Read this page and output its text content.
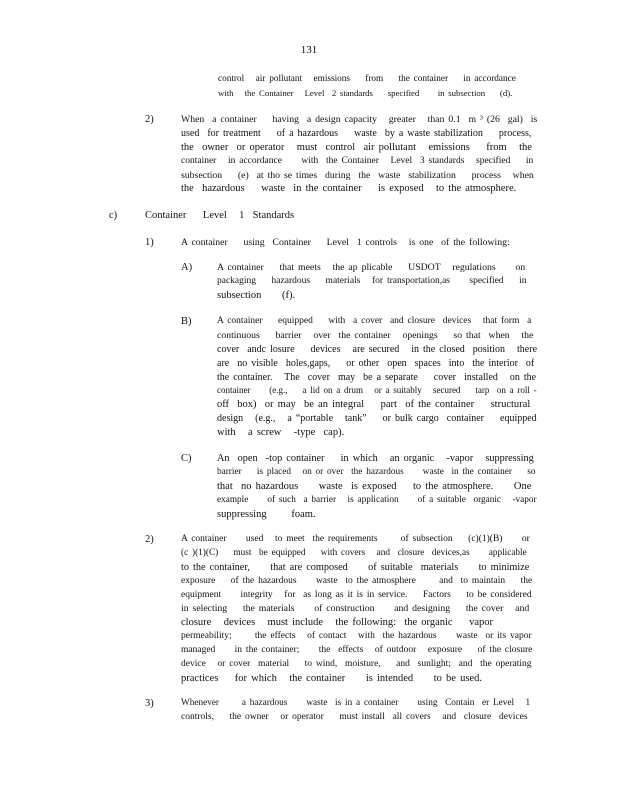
131
control   air pollutant   emissions    from    the container    in accordance
with   the Container   Level  2 standards    specified     in subsection    (d).
2)	When  a container    having  a design capacity   greater   than 0.1  m ³ (26  gal)  is
used  for treatment    of a hazardous    waste  by a waste stabilization    process,
the  owner  or operator   must  control  air pollutant   emissions    from   the
container   in accordance     with  the Container   Level  3 standards   specified    in
subsection    (e)  at tho se times  during  the  waste  stabilization    process   when
the  hazardous    waste  in the container    is exposed   to the atmosphere.
c)	Container    Level   1  Standards
1)	A container    using  Container    Level  1 controls   is one  of the following:
A)	A container    that meets   the ap plicable    USDOT   regulations     on
packaging    hazardous    materials   for transportation,as     specified    in
subsection     (f).
B)	A container    equipped    with  a cover  and closure  devices   that form  a
continuous    barrier   over  the container   openings    so that  when   the
cover  andc losure    devices   are secured   in the closed  position   there
are  no visible  holes,gaps,    or other  open  spaces  into  the interior  of
the container.   The  cover  may  be a separate    cover  installed   on the
container     (e.g.,    a lid on a drum   or a suitably   secured    tarp  on a roll -
off  box)  or may  be an integral    part  of the container    structural
design   (e.g.,   a “portable   tank”    or bulk cargo  container    equipped
with   a screw   -type  cap).
C) An  open  -top container    in which   an organic   -vapor   suppressing
barrier    is placed   on or over  the hazardous     waste  in the container    so
that  no hazardous     waste  is exposed    to the atmosphere.     One
example     of such  a barrier   is application     of a suitable  organic   -vapor
suppressing      foam.
2)	A container     used   to meet  the requirements      of subsection    (c)(1)(B)     or
(c )(1)(C)    must  be equipped    with covers   and  closure  devices,as     applicable
to the container,     that are composed     of suitable  materials     to minimize
exposure    of the hazardous     waste  to the atmosphere      and  to maintain    the
equipment     integrity   for  as long as it is in service.    Factors    to be considered
in selecting    the materials     of construction     and designing    the cover   and
closure   devices   must include   the following:  the organic    vapor
permeability;      the effects   of contact   with  the hazardous     waste  or its vapor
managed     in the container;     the  effects   of outdoor   exposure    of the closure
device   or cover  material    to wind,  moisture,    and  sunlight;  and  the operating
practices    for which   the container     is intended     to be used.
3)	Whenever      a hazardous     waste  is in a container     using  Contain  er Level   1
controls,    the owner   or operator    must install  all covers   and  closure  devices
